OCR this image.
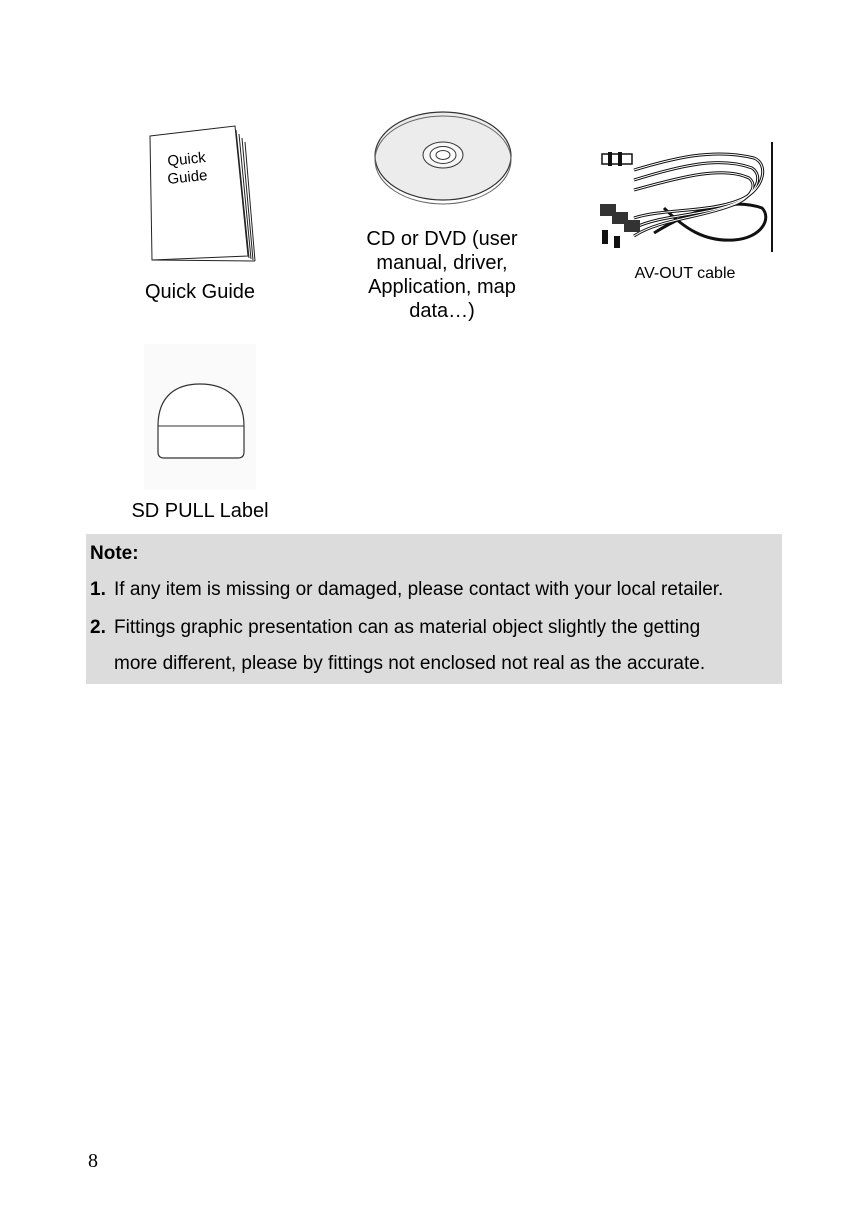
Quick
Guide
Quick Guide
CD or DVD (user
manual, driver,
Application, map
data…)
AV-OUT cable
SD PULL Label
Note:
1. If any item is missing or damaged, please contact with your local retailer.
2. Fittings graphic presentation can as material object slightly the getting
more different, please by fittings not enclosed not real as the accurate.
8
